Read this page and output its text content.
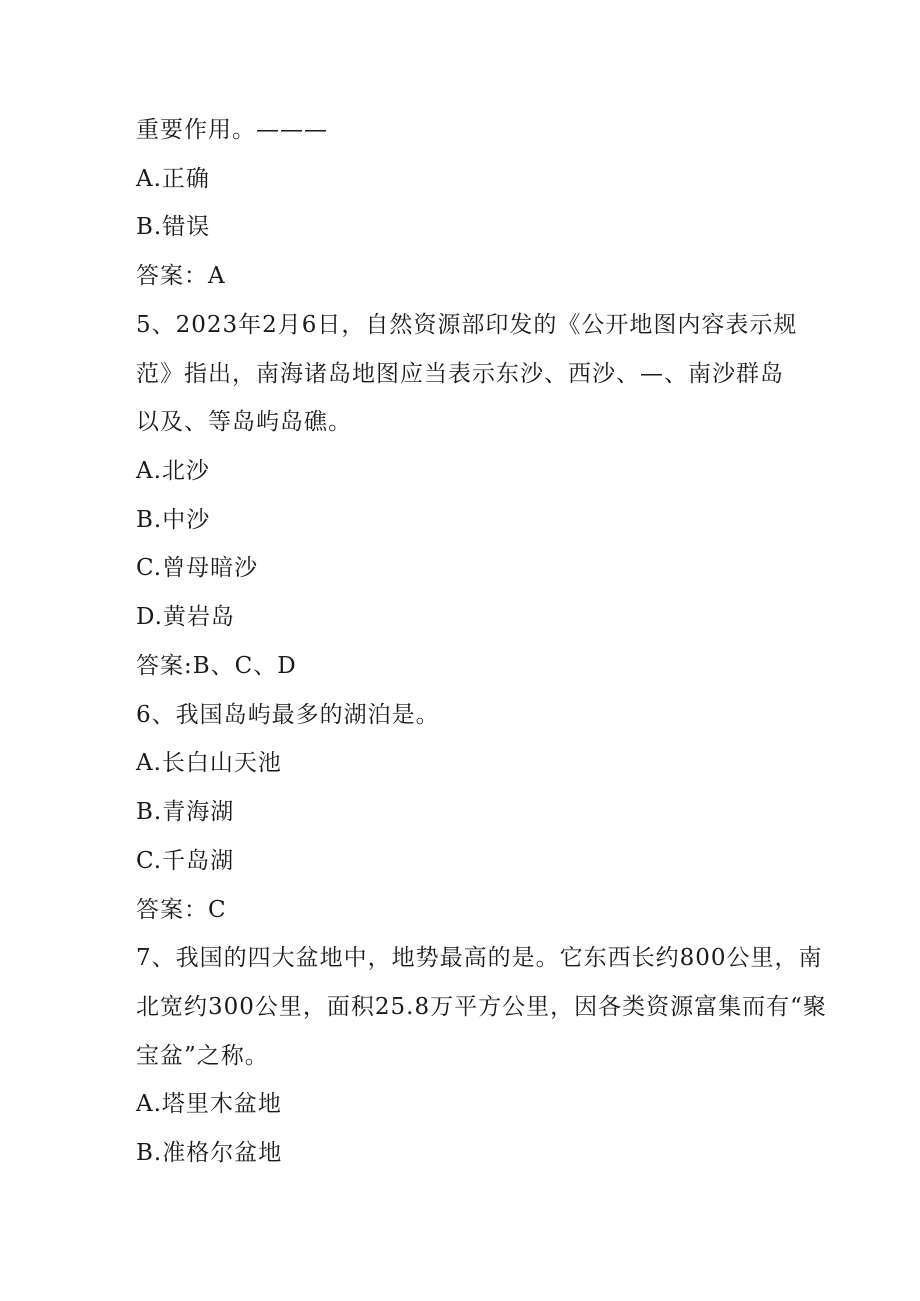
重要作用。———
A.正确
B.错误
答案：A
5、2023年2月6日，自然资源部印发的《公开地图内容表示规
范》指出，南海诸岛地图应当表示东沙、西沙、—、南沙群岛
以及、等岛屿岛礁。
A.北沙
B.中沙
C.曾母暗沙
D.黄岩岛
答案:B、C、D
6、我国岛屿最多的湖泊是。
A.长白山天池
B.青海湖
C.千岛湖
答案：C
7、我国的四大盆地中，地势最高的是。它东西长约800公里，南
北宽约300公里，面积25.8万平方公里，因各类资源富集而有“聚
宝盆”之称。
A.塔里木盆地
B.准格尔盆地
